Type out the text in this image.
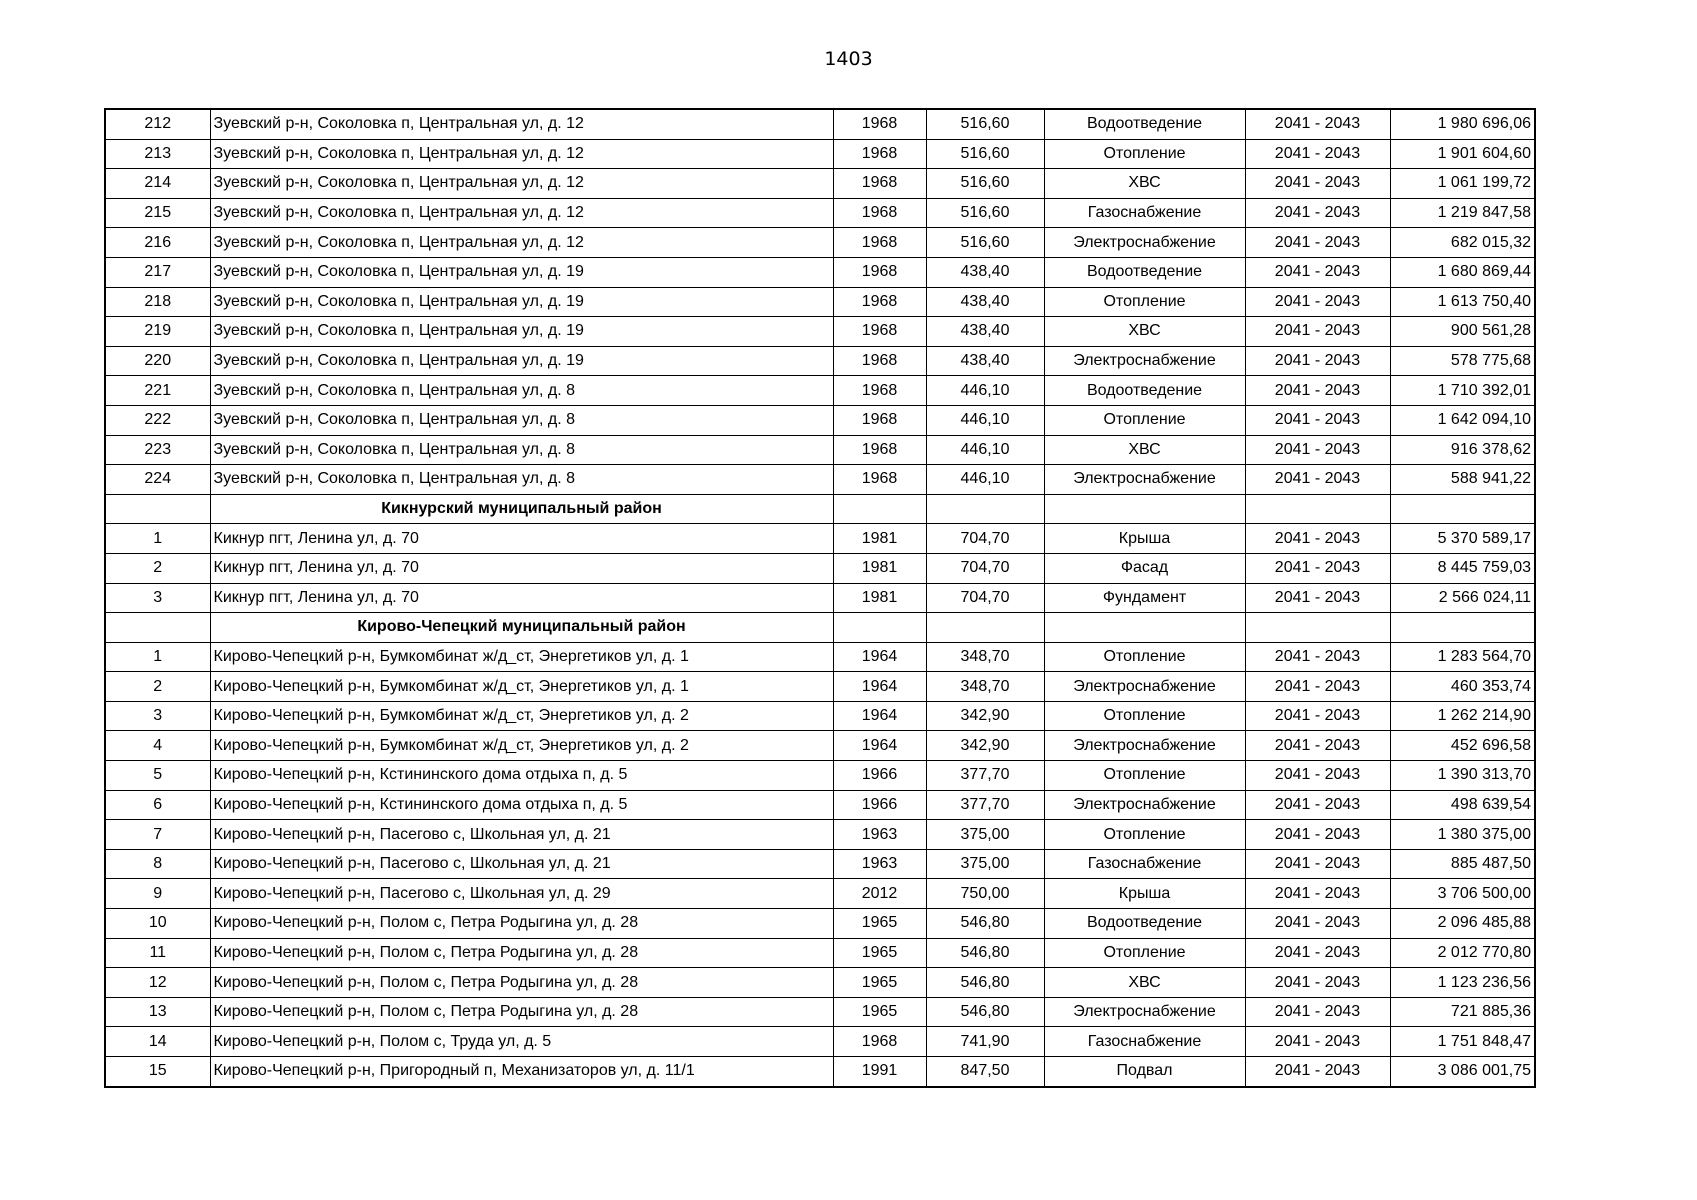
1403
212	Зуевский р-н, Соколовка п, Центральная ул, д. 12	1968	516,60	Водоотведение	2041 - 2043	1 980 696,06
213	Зуевский р-н, Соколовка п, Центральная ул, д. 12	1968	516,60	Отопление	2041 - 2043	1 901 604,60
214	Зуевский р-н, Соколовка п, Центральная ул, д. 12	1968	516,60	ХВС	2041 - 2043	1 061 199,72
215	Зуевский р-н, Соколовка п, Центральная ул, д. 12	1968	516,60	Газоснабжение	2041 - 2043	1 219 847,58
216	Зуевский р-н, Соколовка п, Центральная ул, д. 12	1968	516,60	Электроснабжение	2041 - 2043	682 015,32
217	Зуевский р-н, Соколовка п, Центральная ул, д. 19	1968	438,40	Водоотведение	2041 - 2043	1 680 869,44
218	Зуевский р-н, Соколовка п, Центральная ул, д. 19	1968	438,40	Отопление	2041 - 2043	1 613 750,40
219	Зуевский р-н, Соколовка п, Центральная ул, д. 19	1968	438,40	ХВС	2041 - 2043	900 561,28
220	Зуевский р-н, Соколовка п, Центральная ул, д. 19	1968	438,40	Электроснабжение	2041 - 2043	578 775,68
221	Зуевский р-н, Соколовка п, Центральная ул, д. 8	1968	446,10	Водоотведение	2041 - 2043	1 710 392,01
222	Зуевский р-н, Соколовка п, Центральная ул, д. 8	1968	446,10	Отопление	2041 - 2043	1 642 094,10
223	Зуевский р-н, Соколовка п, Центральная ул, д. 8	1968	446,10	ХВС	2041 - 2043	916 378,62
224	Зуевский р-н, Соколовка п, Центральная ул, д. 8	1968	446,10	Электроснабжение	2041 - 2043	588 941,22
	Кикнурский муниципальный район					
1	Кикнур пгт, Ленина ул, д. 70	1981	704,70	Крыша	2041 - 2043	5 370 589,17
2	Кикнур пгт, Ленина ул, д. 70	1981	704,70	Фасад	2041 - 2043	8 445 759,03
3	Кикнур пгт, Ленина ул, д. 70	1981	704,70	Фундамент	2041 - 2043	2 566 024,11
	Кирово-Чепецкий муниципальный район					
1	Кирово-Чепецкий р-н, Бумкомбинат ж/д_ст, Энергетиков ул, д. 1	1964	348,70	Отопление	2041 - 2043	1 283 564,70
2	Кирово-Чепецкий р-н, Бумкомбинат ж/д_ст, Энергетиков ул, д. 1	1964	348,70	Электроснабжение	2041 - 2043	460 353,74
3	Кирово-Чепецкий р-н, Бумкомбинат ж/д_ст, Энергетиков ул, д. 2	1964	342,90	Отопление	2041 - 2043	1 262 214,90
4	Кирово-Чепецкий р-н, Бумкомбинат ж/д_ст, Энергетиков ул, д. 2	1964	342,90	Электроснабжение	2041 - 2043	452 696,58
5	Кирово-Чепецкий р-н, Кстининского дома отдыха п, д. 5	1966	377,70	Отопление	2041 - 2043	1 390 313,70
6	Кирово-Чепецкий р-н, Кстининского дома отдыха п, д. 5	1966	377,70	Электроснабжение	2041 - 2043	498 639,54
7	Кирово-Чепецкий р-н, Пасегово с, Школьная ул, д. 21	1963	375,00	Отопление	2041 - 2043	1 380 375,00
8	Кирово-Чепецкий р-н, Пасегово с, Школьная ул, д. 21	1963	375,00	Газоснабжение	2041 - 2043	885 487,50
9	Кирово-Чепецкий р-н, Пасегово с, Школьная ул, д. 29	2012	750,00	Крыша	2041 - 2043	3 706 500,00
10	Кирово-Чепецкий р-н, Полом с, Петра Родыгина ул, д. 28	1965	546,80	Водоотведение	2041 - 2043	2 096 485,88
11	Кирово-Чепецкий р-н, Полом с, Петра Родыгина ул, д. 28	1965	546,80	Отопление	2041 - 2043	2 012 770,80
12	Кирово-Чепецкий р-н, Полом с, Петра Родыгина ул, д. 28	1965	546,80	ХВС	2041 - 2043	1 123 236,56
13	Кирово-Чепецкий р-н, Полом с, Петра Родыгина ул, д. 28	1965	546,80	Электроснабжение	2041 - 2043	721 885,36
14	Кирово-Чепецкий р-н, Полом с, Труда ул, д. 5	1968	741,90	Газоснабжение	2041 - 2043	1 751 848,47
15	Кирово-Чепецкий р-н, Пригородный п, Механизаторов ул, д. 11/1	1991	847,50	Подвал	2041 - 2043	3 086 001,75
